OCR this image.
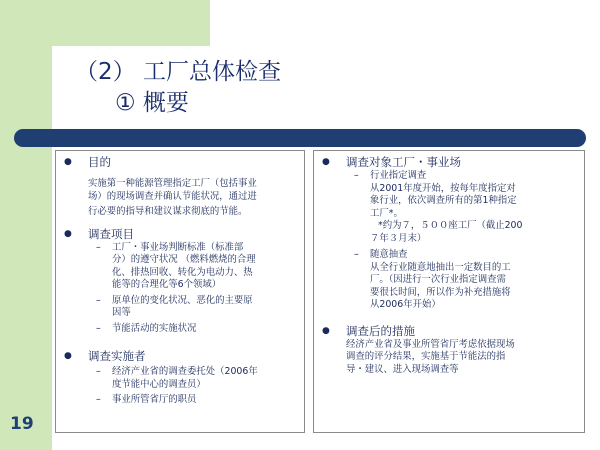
（2） 工厂总体检查
① 概要
19
● 目的
实施第一种能源管理指定工厂（包括事业
场）的现场调查并确认节能状况，通过进
行必要的指导和建议谋求彻底的节能。
● 调查项目
– 工厂・事业场判断标准（标准部
分）的遵守状况 （燃料燃烧的合理
化、排热回收、转化为电动力、热
能等的合理化等6个领域）
– 原单位的变化状况、恶化的主要原
因等
– 节能活动的实施状况
● 调查实施者
– 经济产业省的调查委托处（2006年
度节能中心的调查员）
– 事业所管省厅的职员
● 调查对象工厂・事业场
– 行业指定调查
从2001年度开始，按每年度指定对
象行业，依次调查所有的第1种指定
工厂*。
*约为７，５００座工厂（截止200
７年３月末）
– 随意抽查
从全行业随意地抽出一定数目的工
厂。（因进行一次行业指定调查需
要很长时间，所以作为补充措施将
从2006年开始）
● 调查后的措施
经济产业省及事业所管省厅考虑依据现场
调查的评分结果，实施基于节能法的指
导・建议、进入现场调查等
